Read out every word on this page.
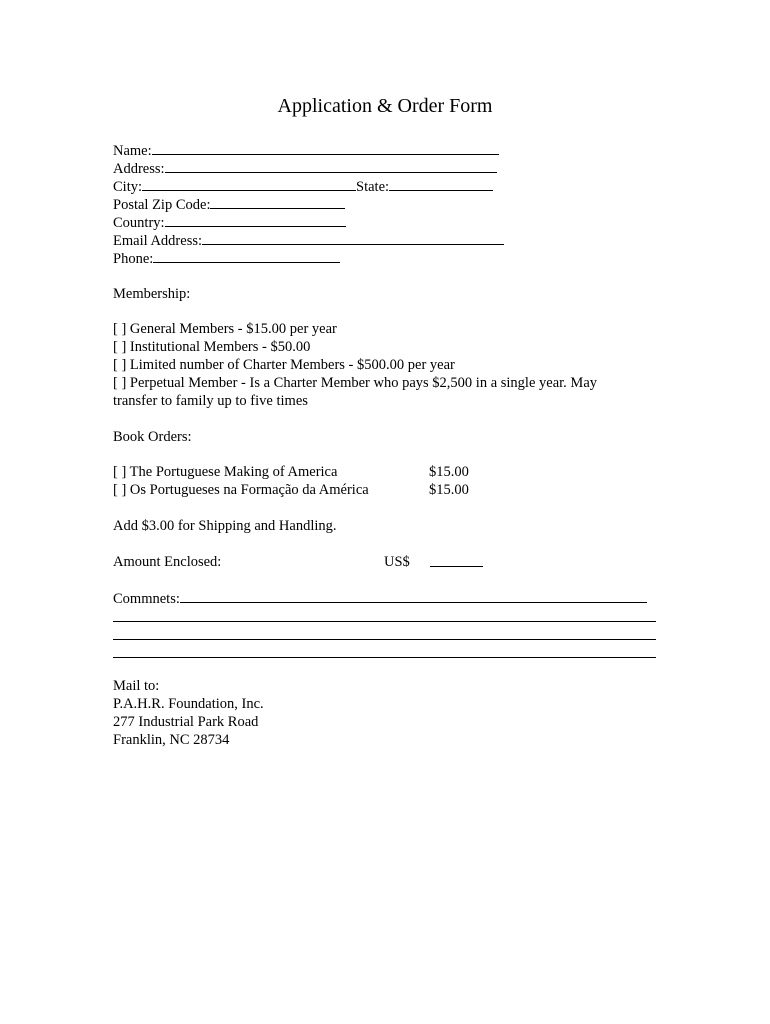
Application & Order Form
Name:
Address:
City:	State:
Postal Zip Code:
Country:
Email Address:
Phone:
Membership:
[ ] General Members - $15.00 per year
[ ] Institutional Members - $50.00
[ ] Limited number of Charter Members - $500.00 per year
[ ] Perpetual Member - Is a Charter Member who pays $2,500 in a single year. May
transfer to family up to five times
Book Orders:
[ ] The Portuguese Making of America	$15.00
[ ] Os Portugueses na Formação da América	$15.00
Add $3.00 for Shipping and Handling.
Amount Enclosed:	US$
Commnets:
Mail to:
P.A.H.R. Foundation, Inc.
277 Industrial Park Road
Franklin, NC 28734
